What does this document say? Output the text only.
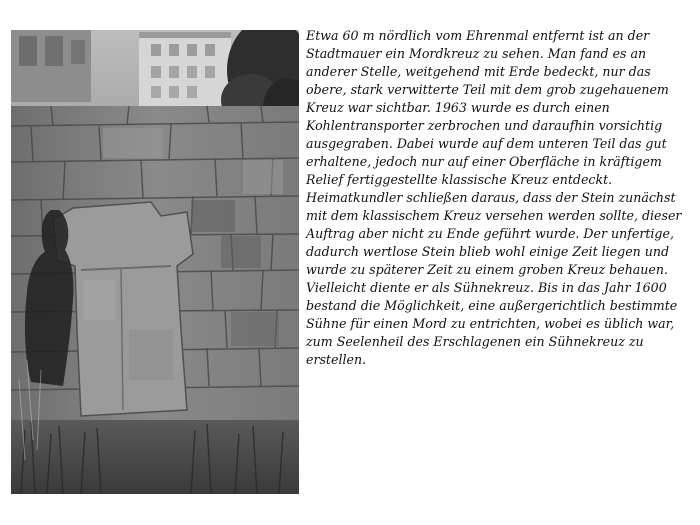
Etwa 60 m nördlich vom Ehrenmal entfernt ist an der Stadtmauer ein Mordkreuz zu sehen. Man fand es an anderer Stelle, weitgehend mit Erde bedeckt, nur das obere, stark verwitterte Teil mit dem grob zugehauenem Kreuz war sichtbar. 1963 wurde es durch einen Kohlentransporter zerbrochen und daraufhin vorsichtig ausgegraben. Dabei wurde auf dem unteren Teil das gut erhaltene, jedoch nur auf einer Oberfläche in kräftigem Relief fertiggestellte klassische Kreuz entdeckt. Heimatkundler schließen daraus, dass der Stein zunächst mit dem klassischem Kreuz versehen werden sollte, dieser Auftrag aber nicht zu Ende geführt wurde. Der unfertige, dadurch wertlose Stein blieb wohl einige Zeit liegen und wurde zu späterer Zeit zu einem groben Kreuz behauen. Vielleicht diente er als Sühnekreuz. Bis in das Jahr 1600 bestand die Möglichkeit, eine außergerichtlich bestimmte Sühne für einen Mord zu entrichten, wobei es üblich war, zum Seelenheil des Erschlagenen ein Sühnekreuz zu erstellen.
